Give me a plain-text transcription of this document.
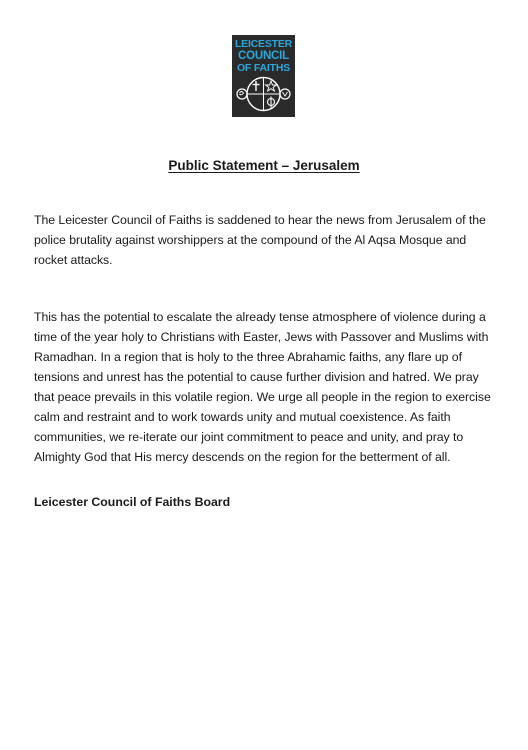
LEICESTER
COUNCIL
OF FAITHS
Public Statement – Jerusalem

The Leicester Council of Faiths is saddened to hear the news from Jerusalem of the police brutality against worshippers at the compound of the Al Aqsa Mosque and rocket attacks.

This has the potential to escalate the already tense atmosphere of violence during a time of the year holy to Christians with Easter, Jews with Passover and Muslims with Ramadhan. In a region that is holy to the three Abrahamic faiths, any flare up of tensions and unrest has the potential to cause further division and hatred. We pray that peace prevails in this volatile region. We urge all people in the region to exercise calm and restraint and to work towards unity and mutual coexistence. As faith communities, we re-iterate our joint commitment to peace and unity, and pray to Almighty God that His mercy descends on the region for the betterment of all.

Leicester Council of Faiths Board
